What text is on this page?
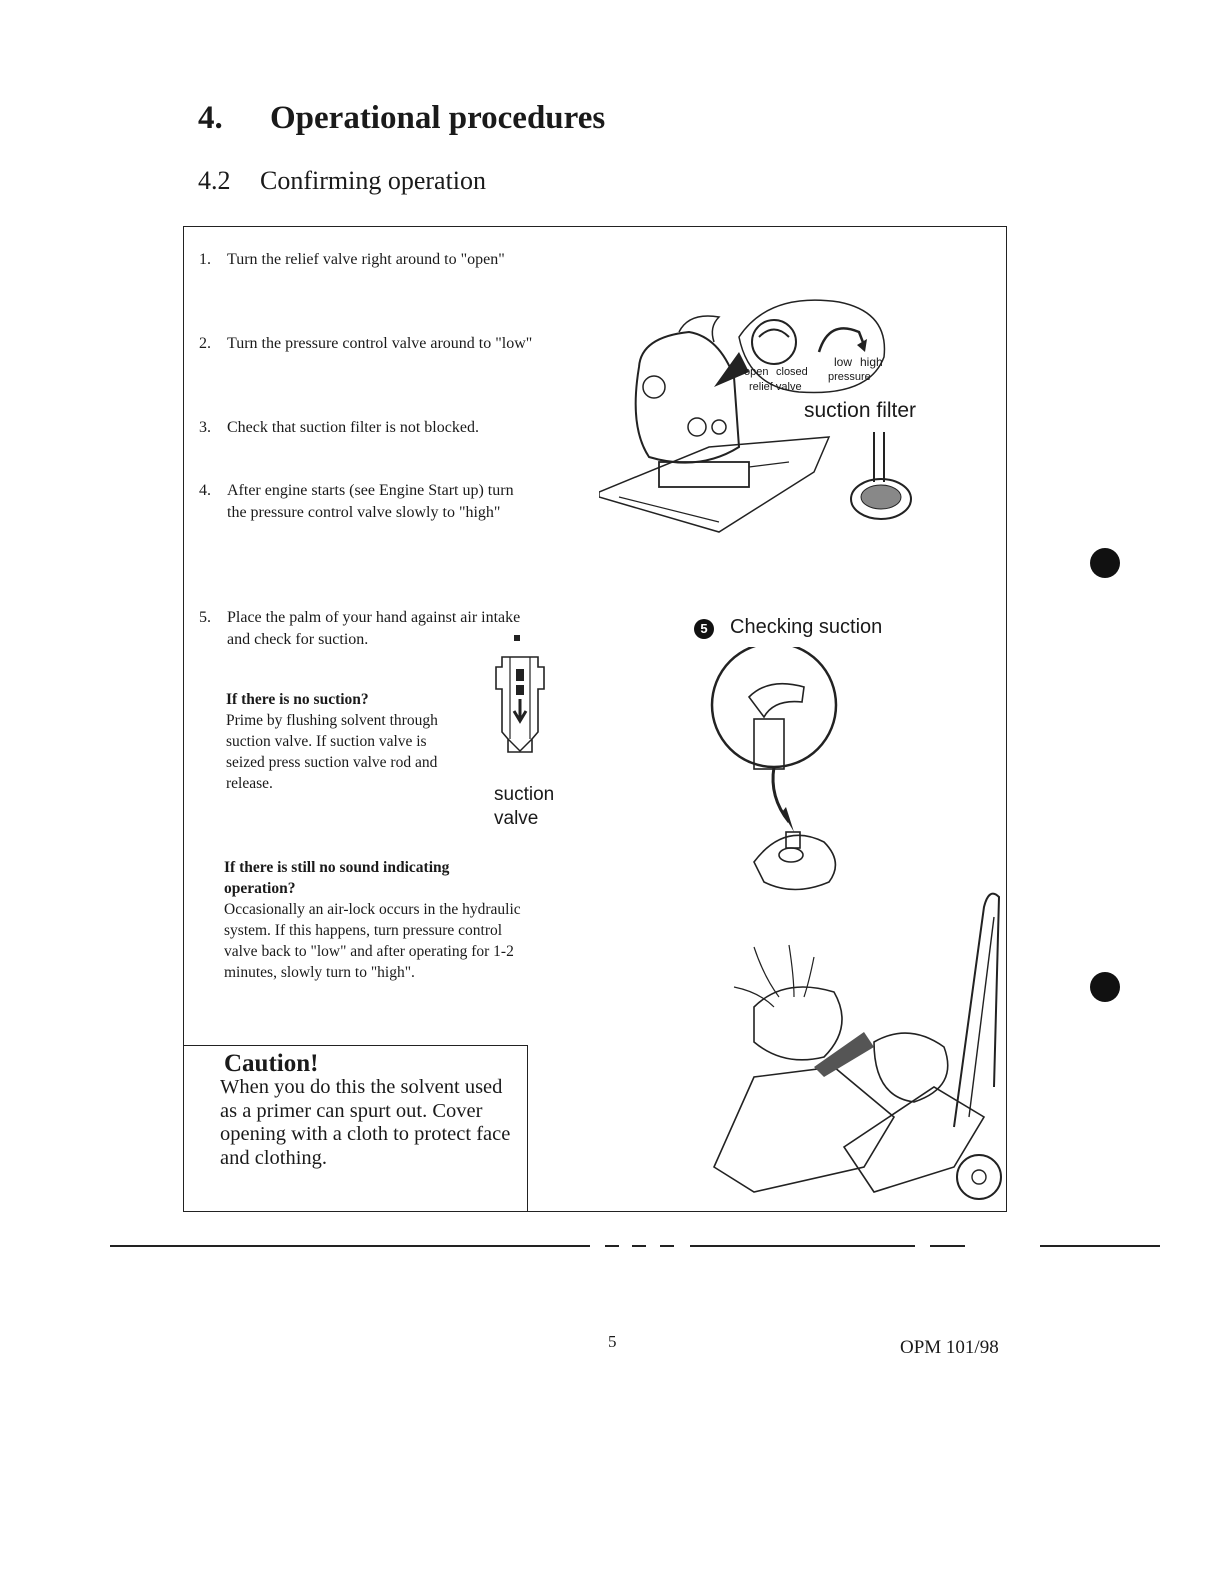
4. Operational procedures
4.2 Confirming operation
1. Turn the relief valve right around to "open"
2. Turn the pressure control valve around to "low"
3. Check that suction filter is not blocked.
4. After engine starts (see Engine Start up) turn the pressure control valve slowly to "high"
5. Place the palm of your hand against air intake and check for suction.
If there is no suction?
Prime by flushing solvent through suction valve. If suction valve is seized press suction valve rod and release.
If there is still no sound indicating operation?
Occasionally an air-lock occurs in the hydraulic system. If this happens, turn pressure control valve back to "low" and after operating for 1-2 minutes, slowly turn to "high".
suction
valve
open closed
relief valve
low high
pressure
suction filter
5	Checking suction
Caution!
When you do this the solvent used as a primer can spurt out. Cover opening with a cloth to protect face and clothing.
5	OPM 101/98
